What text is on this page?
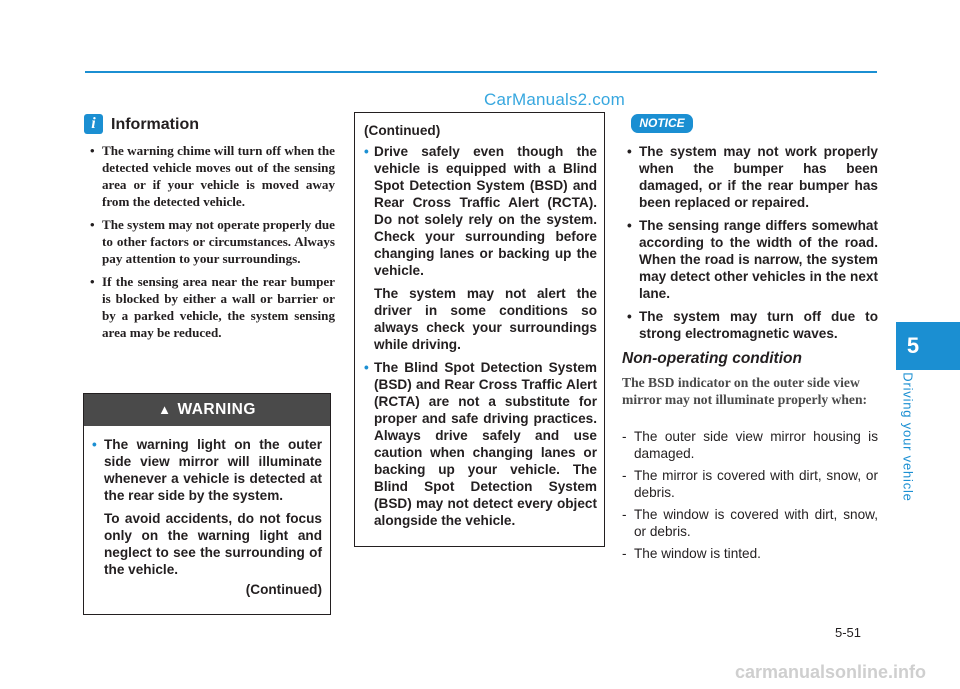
CarManuals2.com
i Information
• The warning chime will turn off when the detected vehicle moves out of the sensing area or if your vehicle is moved away from the detected vehicle.
• The system may not operate properly due to other factors or circumstances. Always pay attention to your surroundings.
• If the sensing area near the rear bumper is blocked by either a wall or barrier or by a parked vehicle, the system sensing area may be reduced.
▲ WARNING

• The warning light on the outer side view mirror will illuminate whenever a vehicle is detected at the rear side by the system.

To avoid accidents, do not focus only on the warning light and neglect to see the surrounding of the vehicle.

(Continued)

(Continued)

• Drive safely even though the vehicle is equipped with a Blind Spot Detection System (BSD) and Rear Cross Traffic Alert (RCTA). Do not solely rely on the system. Check your surrounding before changing lanes or backing up the vehicle.

The system may not alert the driver in some conditions so always check your surroundings while driving.

• The Blind Spot Detection System (BSD) and Rear Cross Traffic Alert (RCTA) are not a substitute for proper and safe driving practices. Always drive safely and use caution when changing lanes or backing up your vehicle. The Blind Spot Detection System (BSD) may not detect every object alongside the vehicle.

NOTICE
• The system may not work properly when the bumper has been damaged, or if the rear bumper has been replaced or repaired.
• The sensing range differs somewhat according to the width of the road. When the road is narrow, the system may detect other vehicles in the next lane.
• The system may turn off due to strong electromagnetic waves.
Non-operating condition
The BSD indicator on the outer side view mirror may not illuminate properly when:
- The outer side view mirror housing is damaged.
- The mirror is covered with dirt, snow, or debris.
- The window is covered with dirt, snow, or debris.
- The window is tinted.
5
Driving your vehicle
5-51
carmanualsonline.info
